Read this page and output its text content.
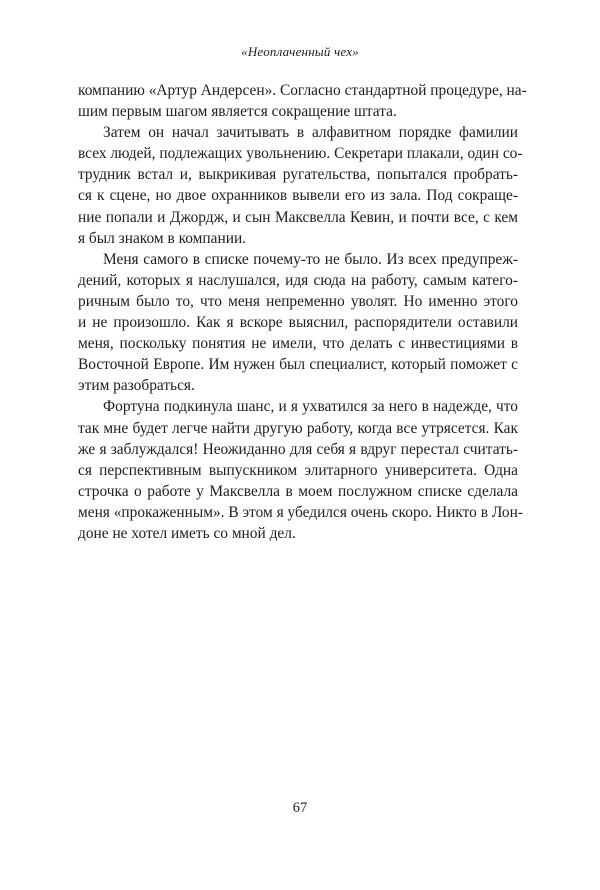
«Неоплаченный чех»
компанию «Артур Андерсен». Согласно стандартной процедуре, на-
шим первым шагом является сокращение штата.
Затем он начал зачитывать в алфавитном порядке фамилии
всех людей, подлежащих увольнению. Секретари плакали, один со-
трудник встал и, выкрикивая ругательства, попытался пробрать-
ся к сцене, но двое охранников вывели его из зала. Под сокраще-
ние попали и Джордж, и сын Максвелла Кевин, и почти все, с кем
я был знаком в компании.
Меня самого в списке почему-то не было. Из всех предупреж-
дений, которых я наслушался, идя сюда на работу, самым катего-
ричным было то, что меня непременно уволят. Но именно этого
и не произошло. Как я вскоре выяснил, распорядители оставили
меня, поскольку понятия не имели, что делать с инвестициями в
Восточной Европе. Им нужен был специалист, который поможет с
этим разобраться.
Фортуна подкинула шанс, и я ухватился за него в надежде, что
так мне будет легче найти другую работу, когда все утрясется. Как
же я заблуждался! Неожиданно для себя я вдруг перестал считать-
ся перспективным выпускником элитарного университета. Одна
строчка о работе у Максвелла в моем послужном списке сделала
меня «прокаженным». В этом я убедился очень скоро. Никто в Лон-
доне не хотел иметь со мной дел.
67
